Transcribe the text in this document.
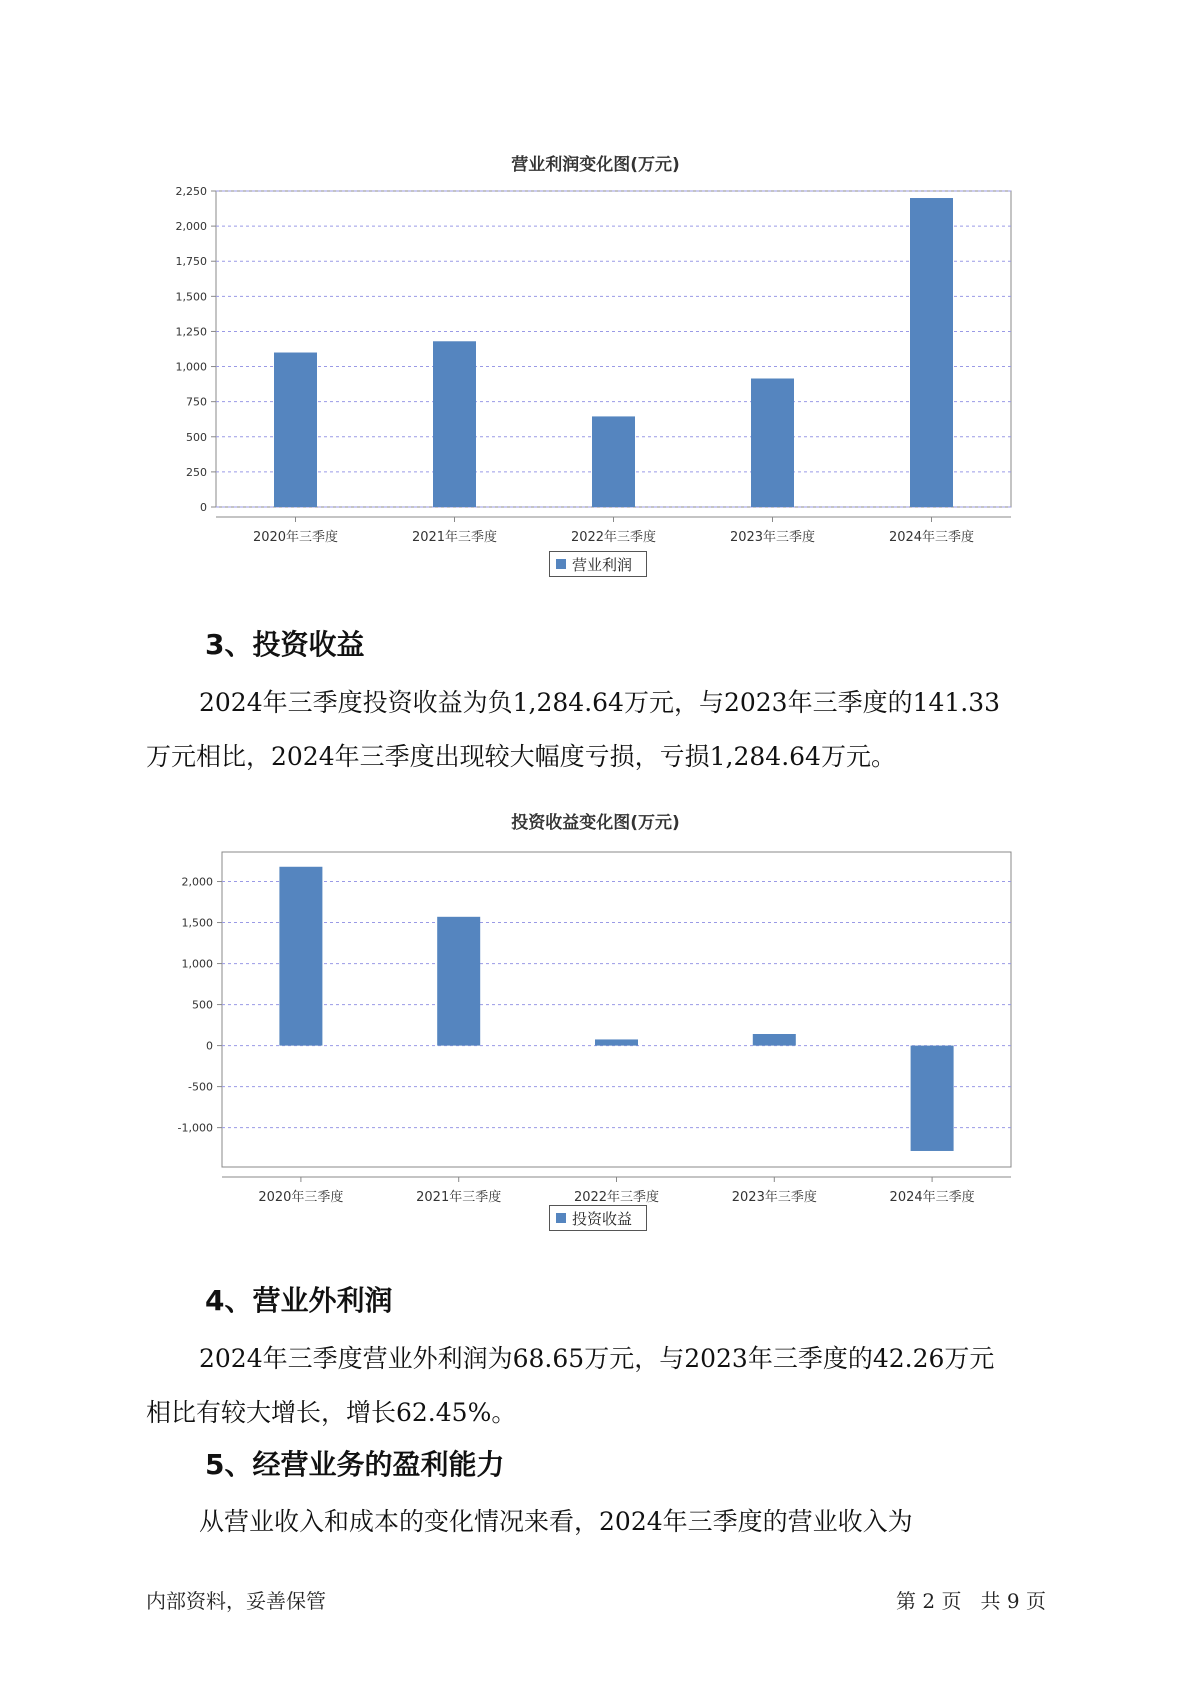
营业利润变化图(万元)
0
250
500
750
1,000
1,250
1,500
1,750
2,000
2,250
2020年三季度	2021年三季度	2022年三季度	2023年三季度	2024年三季度
营业利润
3、投资收益
2024年三季度投资收益为负1,284.64万元，与2023年三季度的141.33
万元相比，2024年三季度出现较大幅度亏损，亏损1,284.64万元。
投资收益变化图(万元)
-1,000
-500
0
500
1,000
1,500
2,000
2020年三季度	2021年三季度	2022年三季度	2023年三季度	2024年三季度
投资收益
4、营业外利润
2024年三季度营业外利润为68.65万元，与2023年三季度的42.26万元
相比有较大增长，增长62.45%。
5、经营业务的盈利能力
从营业收入和成本的变化情况来看，2024年三季度的营业收入为
内部资料，妥善保管	第 2 页   共 9 页
